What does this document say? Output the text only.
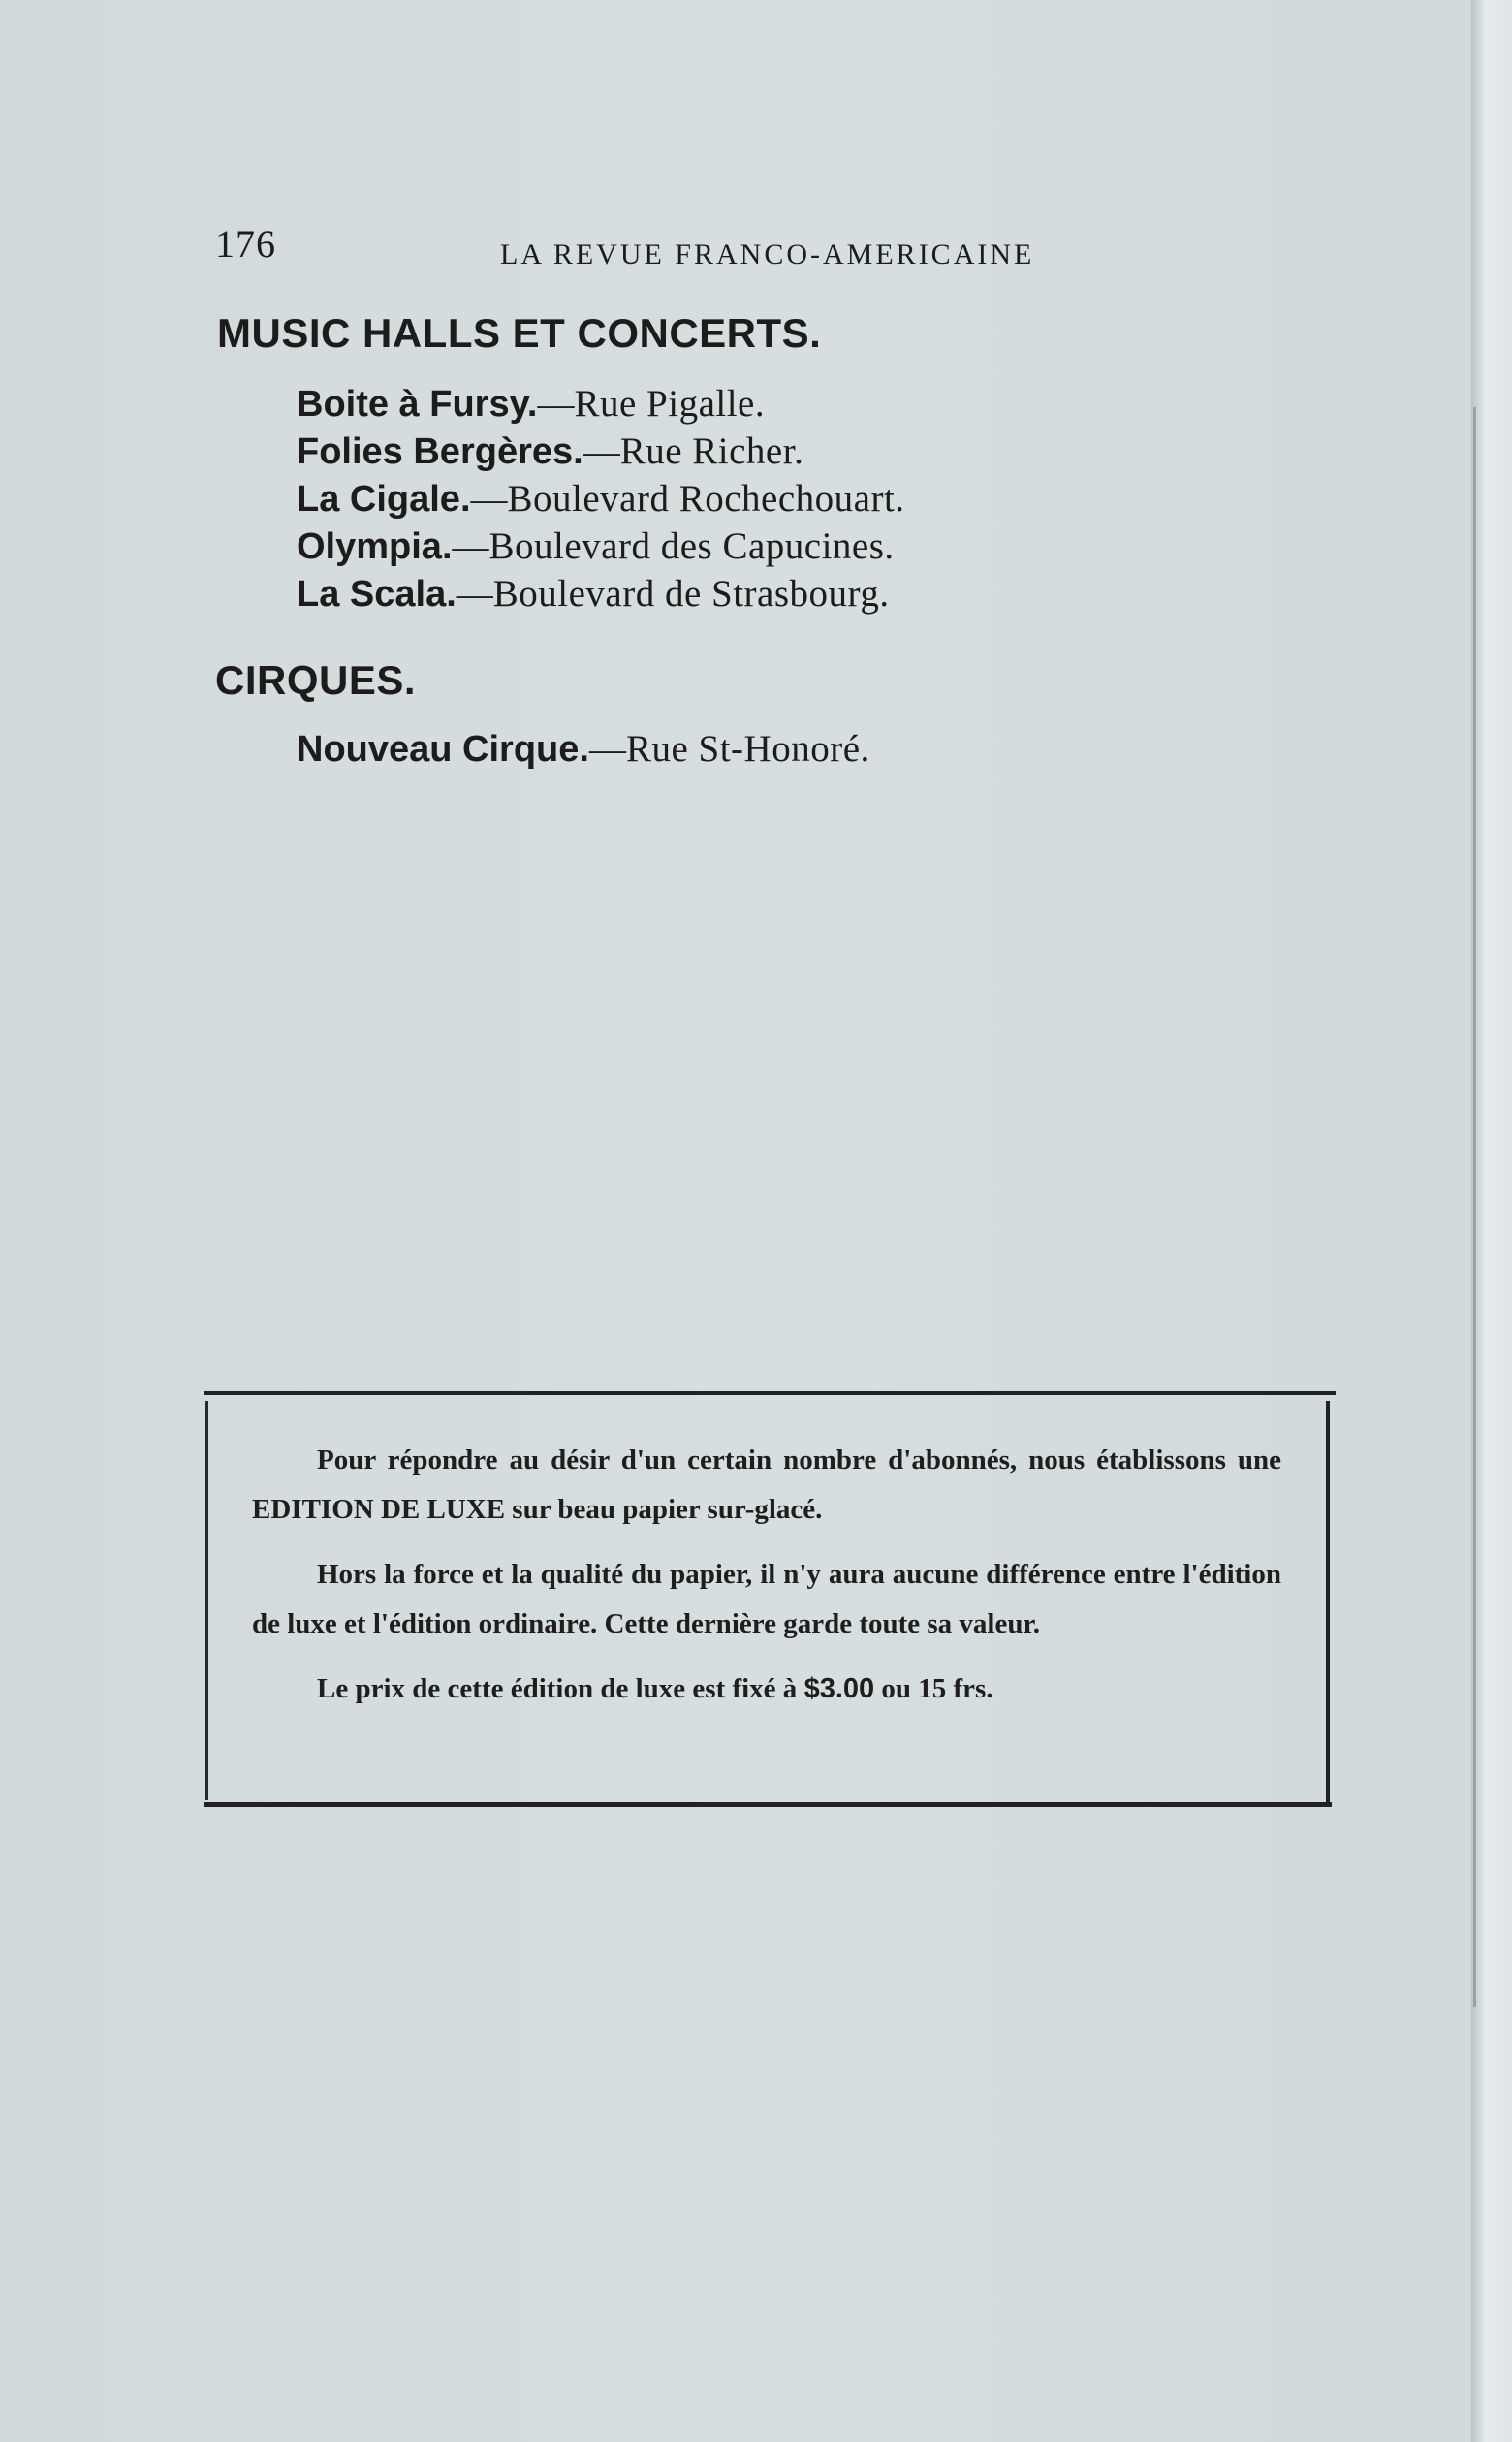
176	LA REVUE FRANCO-AMERICAINE
MUSIC HALLS ET CONCERTS.
Boite à Fursy.—Rue Pigalle.
Folies Bergères.—Rue Richer.
La Cigale.—Boulevard Rochechouart.
Olympia.—Boulevard des Capucines.
La Scala.—Boulevard de Strasbourg.
CIRQUES.
Nouveau Cirque.—Rue St-Honoré.

Pour répondre au désir d'un certain nombre d'abonnés, nous établissons une EDITION DE LUXE sur beau papier sur-glacé.

Hors la force et la qualité du papier, il n'y aura aucune différence entre l'édition de luxe et l'édition ordinaire. Cette dernière garde toute sa valeur.

Le prix de cette édition de luxe est fixé à $3.00 ou 15 frs.
